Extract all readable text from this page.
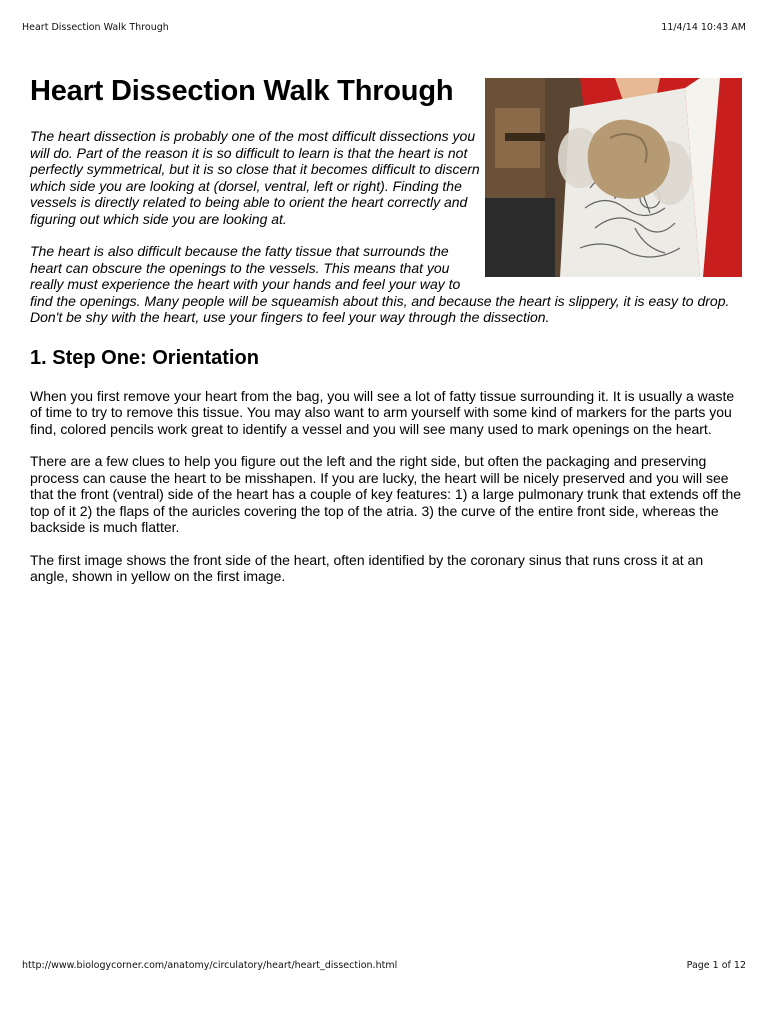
Heart Dissection Walk Through	11/4/14 10:43 AM
Heart Dissection Walk Through

The heart dissection is probably one of the most difficult dissections you will do. Part of the reason it is so difficult to learn is that the heart is not perfectly symmetrical, but it is so close that it becomes difficult to discern which side you are looking at (dorsel, ventral, left or right). Finding the vessels is directly related to being able to orient the heart correctly and figuring out which side you are looking at.

The heart is also difficult because the fatty tissue that surrounds the heart can obscure the openings to the vessels. This means that you really must experience the heart with your hands and feel your way to find the openings. Many people will be squeamish about this, and because the heart is slippery, it is easy to drop. Don't be shy with the heart, use your fingers to feel your way through the dissection.

1. Step One: Orientation

When you first remove your heart from the bag, you will see a lot of fatty tissue surrounding it. It is usually a waste of time to try to remove this tissue. You may also want to arm yourself with some kind of markers for the parts you find, colored pencils work great to identify a vessel and you will see many used to mark openings on the heart.

There are a few clues to help you figure out the left and the right side, but often the packaging and preserving process can cause the heart to be misshapen. If you are lucky, the heart will be nicely preserved and you will see that the front (ventral) side of the heart has a couple of key features: 1) a large pulmonary trunk that extends off the top of it 2) the flaps of the auricles covering the top of the atria. 3) the curve of the entire front side, whereas the backside is much flatter.

The first image shows the front side of the heart, often identified by the coronary sinus that runs cross it at an angle, shown in yellow on the first image.

http://www.biologycorner.com/anatomy/circulatory/heart/heart_dissection.html	Page 1 of 12
